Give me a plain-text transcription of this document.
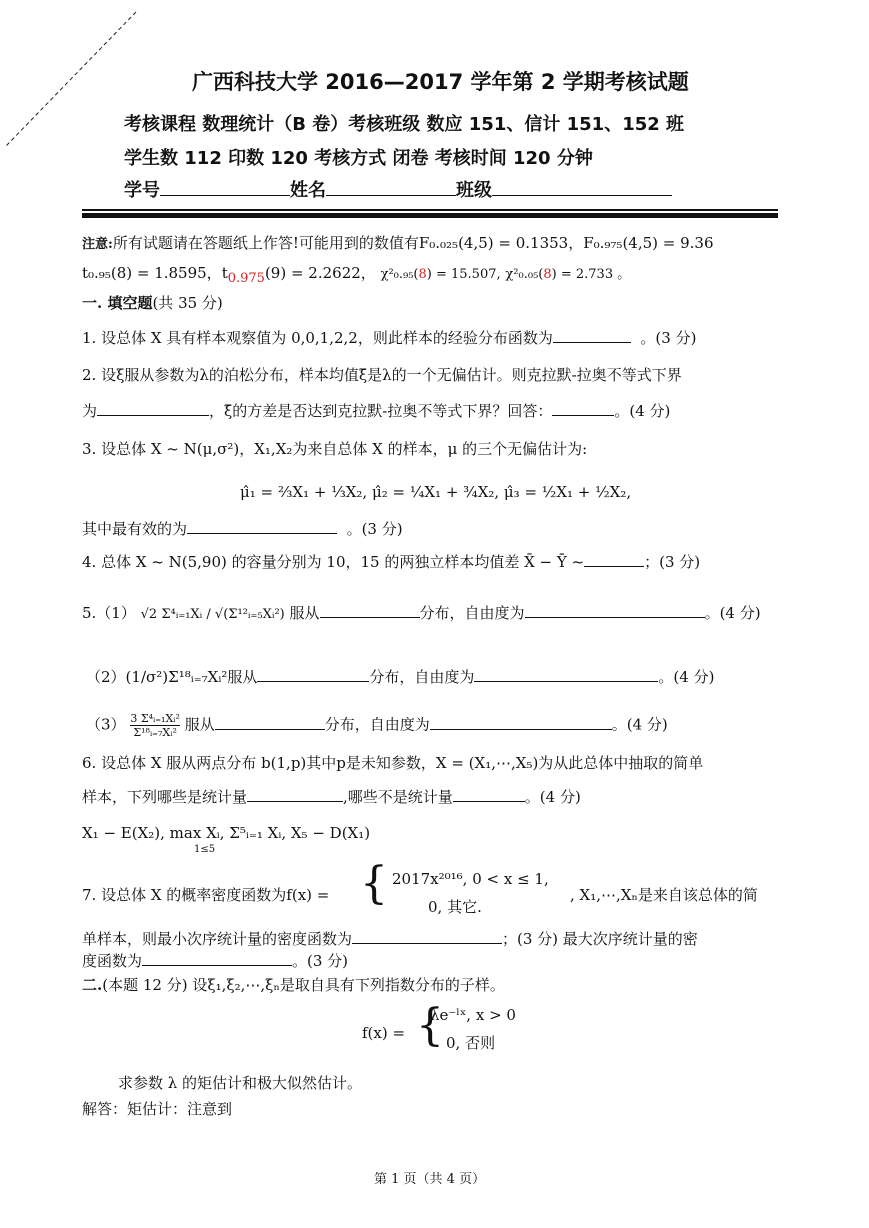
广西科技大学 2016—2017 学年第 2 学期考核试题
考核课程 数理统计（B 卷）考核班级 数应 151、信计 151、152 班
学生数 112 印数 120 考核方式 闭卷 考核时间 120 分钟
学号	姓名	班级
注意:所有试题请在答题纸上作答!可能用到的数值有F₀.₀₂₅(4,5) = 0.1353，F₀.₉₇₅(4,5) = 9.36
t₀.₉₅(8) = 1.8595，$t_{0.975}(9) = 2.2622$， χ²₀.₉₅(8) = 15.507, χ²₀.₀₅(8) = 2.733 。
一. 填空题(共 35 分)
1. 设总体 X 具有样本观察值为 0,0,1,2,2，则此样本的经验分布函数为	。(3 分)
2. 设ξ服从参数为λ的泊松分布，样本均值ξ̄是λ的一个无偏估计。则克拉默-拉奥不等式下界
为	，ξ̄的方差是否达到克拉默-拉奥不等式下界？回答：	。(4 分)
3. 设总体 X ~ N(μ,σ²)，X₁,X₂为来自总体 X 的样本，μ 的三个无偏估计为:
μ̂₁ = ⅔X₁ + ⅓X₂, μ̂₂ = ¼X₁ + ¾X₂, μ̂₃ = ½X₁ + ½X₂,
其中最有效的为	。(3 分)
4. 总体 X ~ N(5,90) 的容量分别为 10，15 的两独立样本均值差 X̄ − Ȳ ~	；(3 分)
5.（1） √2 Σ⁴ᵢ₌₁Xᵢ / √(Σ¹²ᵢ₌₅Xᵢ²) 服从	分布，自由度为	。(4 分)
（2）(1/σ²)Σ¹⁸ᵢ₌₇Xᵢ²服从	分布，自由度为	。(4 分)
$(3) \frac{\text{3 Σ⁴ᵢ₌₁Xᵢ²}}{\text{Σ¹⁸ᵢ₌₇Xᵢ²}}$ 服从	分布，自由度为	。(4 分)
6. 设总体 X 服从两点分布 b(1,p)其中p是未知参数，X = (X₁,⋯,X₅)为从此总体中抽取的简单
样本，下列哪些是统计量	,哪些不是统计量	。(4 分)
X₁ − E(X₂), max Xᵢ, Σ⁵ᵢ₌₁ Xᵢ, X₅ − D(X₁)
1≤5
7. 设总体 X 的概率密度函数为f(x) = { 2017x²⁰¹⁶, 0 < x ≤ 1,
0, 其它.
, X₁,⋯,Xₙ是来自该总体的简
单样本，则最小次序统计量的密度函数为	；(3 分) 最大次序统计量的密
度函数为	。(3 分)
二.(本题 12 分) 设ξ₁,ξ₂,⋯,ξₙ是取自具有下列指数分布的子样。
f(x) = {
λe⁻ˡˣ, x > 0
0, 否则
求参数 λ 的矩估计和极大似然估计。
解答：矩估计：注意到
第 1 页（共 4 页）
